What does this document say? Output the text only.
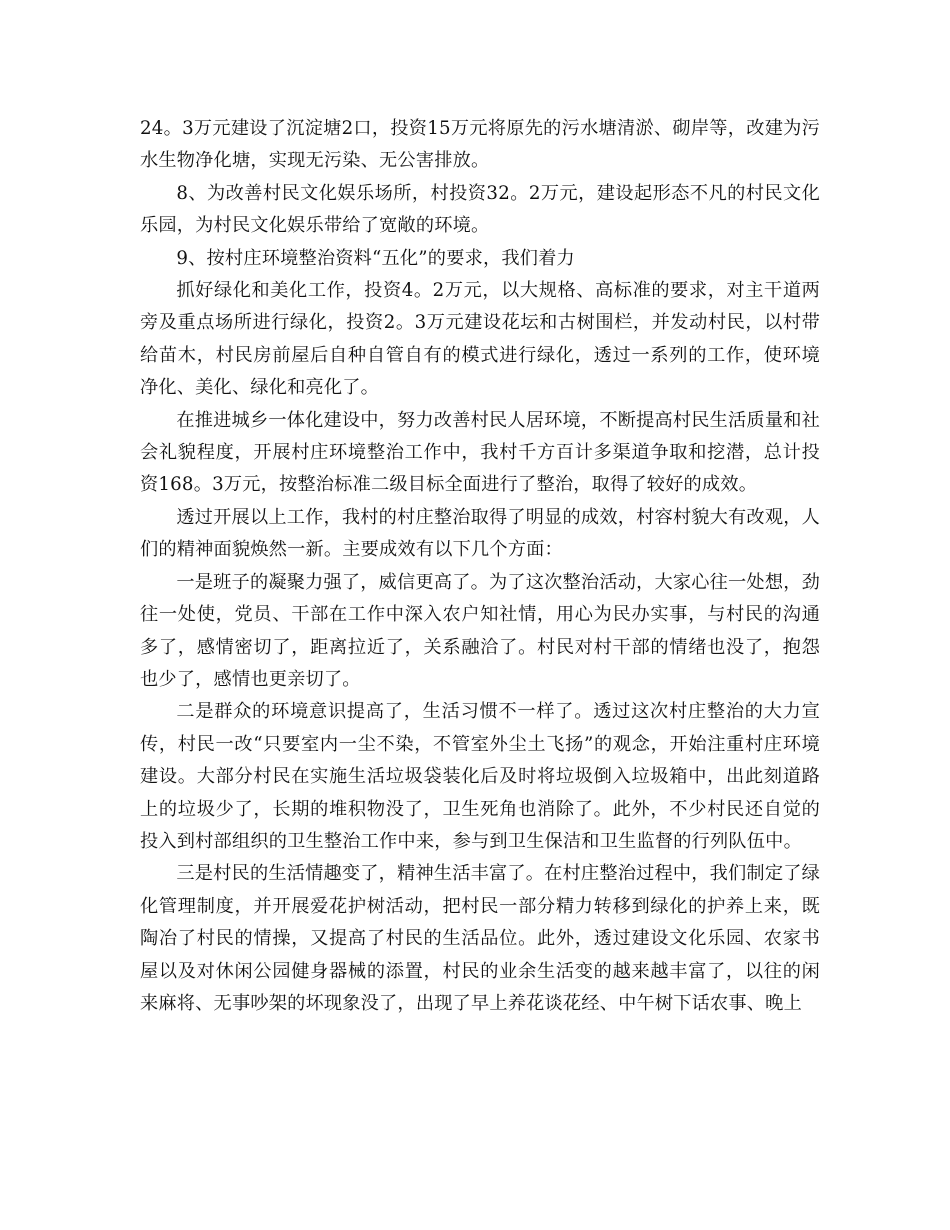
24。3万元建设了沉淀塘2口，投资15万元将原先的污水塘清淤、砌岸等，改建为污水生物净化塘，实现无污染、无公害排放。

8、为改善村民文化娱乐场所，村投资32。2万元，建设起形态不凡的村民文化乐园，为村民文化娱乐带给了宽敞的环境。

9、按村庄环境整治资料“五化”的要求，我们着力

抓好绿化和美化工作，投资4。2万元，以大规格、高标准的要求，对主干道两旁及重点场所进行绿化，投资2。3万元建设花坛和古树围栏，并发动村民，以村带给苗木，村民房前屋后自种自管自有的模式进行绿化，透过一系列的工作，使环境净化、美化、绿化和亮化了。

在推进城乡一体化建设中，努力改善村民人居环境，不断提高村民生活质量和社会礼貌程度，开展村庄环境整治工作中，我村千方百计多渠道争取和挖潜，总计投资168。3万元，按整治标准二级目标全面进行了整治，取得了较好的成效。

透过开展以上工作，我村的村庄整治取得了明显的成效，村容村貌大有改观，人们的精神面貌焕然一新。主要成效有以下几个方面：

一是班子的凝聚力强了，威信更高了。为了这次整治活动，大家心往一处想，劲往一处使，党员、干部在工作中深入农户知社情，用心为民办实事，与村民的沟通多了，感情密切了，距离拉近了，关系融洽了。村民对村干部的情绪也没了，抱怨也少了，感情也更亲切了。

二是群众的环境意识提高了，生活习惯不一样了。透过这次村庄整治的大力宣传，村民一改“只要室内一尘不染，不管室外尘土飞扬”的观念，开始注重村庄环境建设。大部分村民在实施生活垃圾袋装化后及时将垃圾倒入垃圾箱中，出此刻道路上的垃圾少了，长期的堆积物没了，卫生死角也消除了。此外，不少村民还自觉的投入到村部组织的卫生整治工作中来，参与到卫生保洁和卫生监督的行列队伍中。

三是村民的生活情趣变了，精神生活丰富了。在村庄整治过程中，我们制定了绿化管理制度，并开展爱花护树活动，把村民一部分精力转移到绿化的护养上来，既陶冶了村民的情操，又提高了村民的生活品位。此外，透过建设文化乐园、农家书屋以及对休闲公园健身器械的添置，村民的业余生活变的越来越丰富了，以往的闲来麻将、无事吵架的坏现象没了，出现了早上养花谈花经、中午树下话农事、晚上
